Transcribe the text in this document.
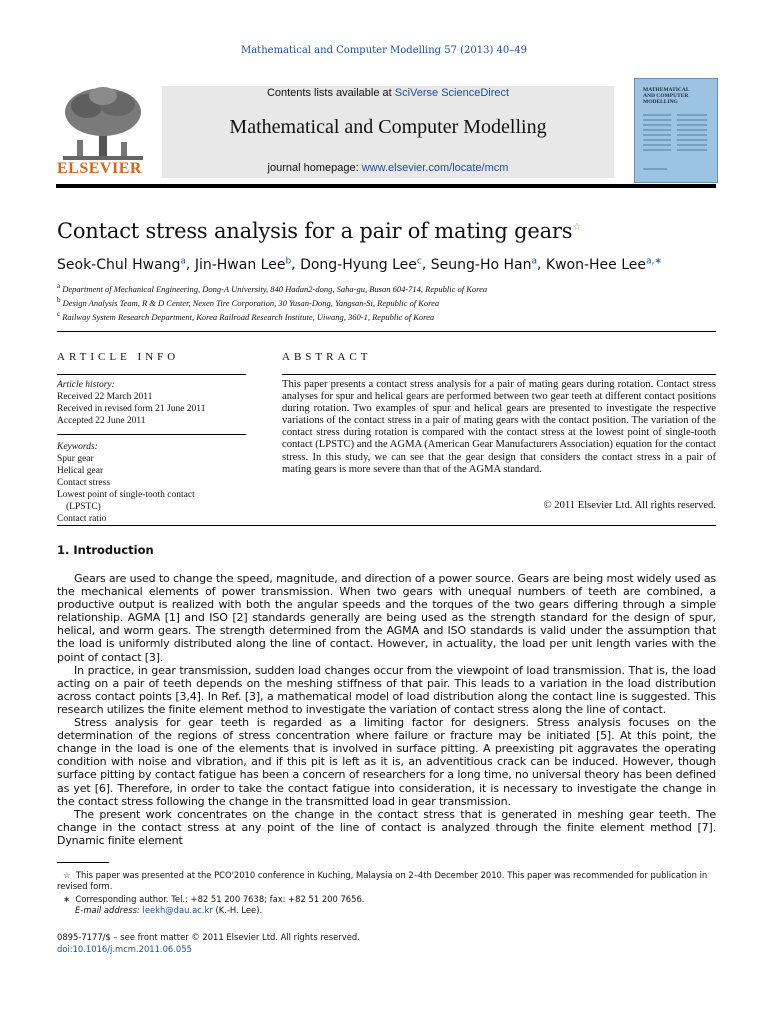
Mathematical and Computer Modelling 57 (2013) 40–49
ELSEVIER
Contents lists available at SciVerse ScienceDirect
Mathematical and Computer Modelling
journal homepage: www.elsevier.com/locate/mcm
MATHEMATICAL AND COMPUTER MODELLING
Contact stress analysis for a pair of mating gears☆
Seok-Chul Hwang$^a$, Jin-Hwan Lee$^b$, Dong-Hyung Lee$^c$, Seung-Ho Han$^a$, Kwon-Hee Lee$^{a,∗}$
$^a$ Department of Mechanical Engineering, Dong-A University, 840 Hadan2-dong, Saha-gu, Busan 604-714, Republic of Korea
$^b$ Design Analysis Team, R & D Center, Nexen Tire Corporation, 30 Yusan-Dong, Yangsan-Si, Republic of Korea
$^c$ Railway System Research Department, Korea Railroad Research Institute, Uiwang, 360-1, Republic of Korea
ARTICLE INFO
Article history:
Received 22 March 2011
Received in revised form 21 June 2011
Accepted 22 June 2011
Keywords:
Spur gear
Helical gear
Contact stress
Lowest point of single-tooth contact
(LPSTC)
Contact ratio
ABSTRACT
This paper presents a contact stress analysis for a pair of mating gears during rotation. Contact stress analyses for spur and helical gears are performed between two gear teeth at different contact positions during rotation. Two examples of spur and helical gears are presented to investigate the respective variations of the contact stress in a pair of mating gears with the contact position. The variation of the contact stress during rotation is compared with the contact stress at the lowest point of single-tooth contact (LPSTC) and the AGMA (American Gear Manufacturers Association) equation for the contact stress. In this study, we can see that the gear design that considers the contact stress in a pair of mating gears is more severe than that of the AGMA standard.
© 2011 Elsevier Ltd. All rights reserved.
1. Introduction

Gears are used to change the speed, magnitude, and direction of a power source. Gears are being most widely used as the mechanical elements of power transmission. When two gears with unequal numbers of teeth are combined, a productive output is realized with both the angular speeds and the torques of the two gears differing through a simple relationship. AGMA [1] and ISO [2] standards generally are being used as the strength standard for the design of spur, helical, and worm gears. The strength determined from the AGMA and ISO standards is valid under the assumption that the load is uniformly distributed along the line of contact. However, in actuality, the load per unit length varies with the point of contact [3].

In practice, in gear transmission, sudden load changes occur from the viewpoint of load transmission. That is, the load acting on a pair of teeth depends on the meshing stiffness of that pair. This leads to a variation in the load distribution across contact points [3,4]. In Ref. [3], a mathematical model of load distribution along the contact line is suggested. This research utilizes the finite element method to investigate the variation of contact stress along the line of contact.

Stress analysis for gear teeth is regarded as a limiting factor for designers. Stress analysis focuses on the determination of the regions of stress concentration where failure or fracture may be initiated [5]. At this point, the change in the load is one of the elements that is involved in surface pitting. A preexisting pit aggravates the operating condition with noise and vibration, and if this pit is left as it is, an adventitious crack can be induced. However, though surface pitting by contact fatigue has been a concern of researchers for a long time, no universal theory has been defined as yet [6]. Therefore, in order to take the contact fatigue into consideration, it is necessary to investigate the change in the contact stress following the change in the transmitted load in gear transmission.

The present work concentrates on the change in the contact stress that is generated in meshing gear teeth. The change in the contact stress at any point of the line of contact is analyzed through the finite element method [7]. Dynamic finite element

☆ This paper was presented at the PCO'2010 conference in Kuching, Malaysia on 2–4th December 2010. This paper was recommended for publication in revised form.

∗ Corresponding author. Tel.: +82 51 200 7638; fax: +82 51 200 7656.

E-mail address: leekh@dau.ac.kr (K.-H. Lee).

0895-7177/$ – see front matter © 2011 Elsevier Ltd. All rights reserved.
doi:10.1016/j.mcm.2011.06.055
